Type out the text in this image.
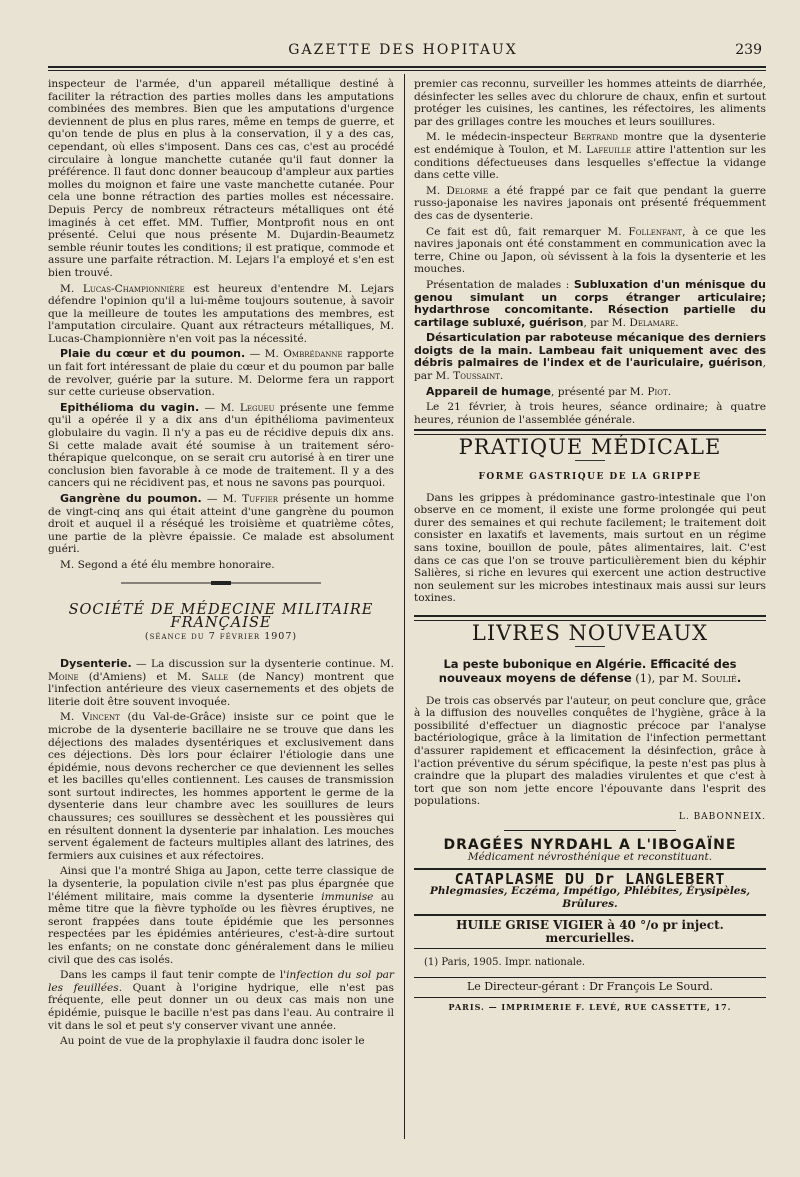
GAZETTE DES HOPITAUX	239

inspecteur de l'armée, d'un appareil métallique destiné à faciliter la rétraction des parties molles dans les amputations combinées des membres. Bien que les amputations d'urgence deviennent de plus en plus rares, même en temps de guerre, et qu'on tende de plus en plus à la conservation, il y a des cas, cependant, où elles s'imposent. Dans ces cas, c'est au procédé circulaire à longue manchette cutanée qu'il faut donner la préférence. Il faut donc donner beaucoup d'ampleur aux parties molles du moignon et faire une vaste manchette cutanée. Pour cela une bonne rétraction des parties molles est nécessaire. Depuis Percy de nombreux rétracteurs métalliques ont été imaginés à cet effet. MM. Tuffier, Montprofit nous en ont présenté. Celui que nous présente M. Dujardin-Beaumetz semble réunir toutes les conditions; il est pratique, commode et assure une parfaite rétraction. M. Lejars l'a employé et s'en est bien trouvé.

M. Lucas-Championnière est heureux d'entendre M. Lejars défendre l'opinion qu'il a lui-même toujours soutenue, à savoir que la meilleure de toutes les amputations des membres, est l'amputation circulaire. Quant aux rétracteurs métalliques, M. Lucas-Championnière n'en voit pas la nécessité.

Plaie du cœur et du poumon. — M. Ombrédanne rapporte un fait fort intéressant de plaie du cœur et du poumon par balle de revolver, guérie par la suture. M. Delorme fera un rapport sur cette curieuse observation.

Epithélioma du vagin. — M. Legueu présente une femme qu'il a opérée il y a dix ans d'un épithélioma pavimenteux globulaire du vagin. Il n'y a pas eu de récidive depuis dix ans. Si cette malade avait été soumise à un traitement séro-thérapique quelconque, on se serait cru autorisé à en tirer une conclusion bien favorable à ce mode de traitement. Il y a des cancers qui ne récidivent pas, et nous ne savons pas pourquoi.

Gangrène du poumon. — M. Tuffier présente un homme de vingt-cinq ans qui était atteint d'une gangrène du poumon droit et auquel il a réséqué les troisième et quatrième côtes, une partie de la plèvre épaissie. Ce malade est absolument guéri.

M. Segond a été élu membre honoraire.

SOCIÉTÉ DE MÉDECINE MILITAIRE FRANÇAISE
(séance du 7 février 1907)

Dysenterie. — La discussion sur la dysenterie continue. M. Moine (d'Amiens) et M. Salle (de Nancy) montrent que l'infection antérieure des vieux casernements et des objets de literie doit être souvent invoquée.

M. Vincent (du Val-de-Grâce) insiste sur ce point que le microbe de la dysenterie bacillaire ne se trouve que dans les déjections des malades dysentériques et exclusivement dans ces déjections. Dès lors pour éclairer l'étiologie dans une épidémie, nous devons rechercher ce que deviennent les selles et les bacilles qu'elles contiennent. Les causes de transmission sont surtout indirectes, les hommes apportent le germe de la dysenterie dans leur chambre avec les souillures de leurs chaussures; ces souillures se dessèchent et les poussières qui en résultent donnent la dysenterie par inhalation. Les mouches servent également de facteurs multiples allant des latrines, des fermiers aux cuisines et aux réfectoires.

Ainsi que l'a montré Shiga au Japon, cette terre classique de la dysenterie, la population civile n'est pas plus épargnée que l'élément militaire, mais comme la dysenterie immunise au même titre que la fièvre typhoïde ou les fièvres éruptives, ne seront frappées dans toute épidémie que les personnes respectées par les épidémies antérieures, c'est-à-dire surtout les enfants; on ne constate donc généralement dans le milieu civil que des cas isolés.

Dans les camps il faut tenir compte de l'infection du sol par les feuillées. Quant à l'origine hydrique, elle n'est pas fréquente, elle peut donner un ou deux cas mais non une épidémie, puisque le bacille n'est pas dans l'eau. Au contraire il vit dans le sol et peut s'y conserver vivant une année.

Au point de vue de la prophylaxie il faudra donc isoler le

premier cas reconnu, surveiller les hommes atteints de diarrhée, désinfecter les selles avec du chlorure de chaux, enfin et surtout protéger les cuisines, les cantines, les réfectoires, les aliments par des grillages contre les mouches et leurs souillures.

M. le médecin-inspecteur Bertrand montre que la dysenterie est endémique à Toulon, et M. Lafeuille attire l'attention sur les conditions défectueuses dans lesquelles s'effectue la vidange dans cette ville.

M. Delorme a été frappé par ce fait que pendant la guerre russo-japonaise les navires japonais ont présenté fréquemment des cas de dysenterie.

Ce fait est dû, fait remarquer M. Follenfant, à ce que les navires japonais ont été constamment en communication avec la terre, Chine ou Japon, où sévissent à la fois la dysenterie et les mouches.

Présentation de malades : Subluxation d'un ménisque du genou simulant un corps étranger articulaire; hydarthrose concomitante. Résection partielle du cartilage subluxé, guérison, par M. Delamare.

Désarticulation par raboteuse mécanique des derniers doigts de la main. Lambeau fait uniquement avec des débris palmaires de l'index et de l'auriculaire, guérison, par M. Toussaint.

Appareil de humage, présenté par M. Piot.

Le 21 février, à trois heures, séance ordinaire; à quatre heures, réunion de l'assemblée générale.

PRATIQUE MÉDICALE
FORME GASTRIQUE DE LA GRIPPE

Dans les grippes à prédominance gastro-intestinale que l'on observe en ce moment, il existe une forme prolongée qui peut durer des semaines et qui rechute facilement; le traitement doit consister en laxatifs et lavements, mais surtout en un régime sans toxine, bouillon de poule, pâtes alimentaires, lait. C'est dans ce cas que l'on se trouve particulièrement bien du képhir Salières, si riche en levures qui exercent une action destructive non seulement sur les microbes intestinaux mais aussi sur leurs toxines.

LIVRES NOUVEAUX
La peste bubonique en Algérie. Efficacité des nouveaux moyens de défense (1), par M. Soulié.

De trois cas observés par l'auteur, on peut conclure que, grâce à la diffusion des nouvelles conquêtes de l'hygiène, grâce à la possibilité d'effectuer un diagnostic précoce par l'analyse bactériologique, grâce à la limitation de l'infection permettant d'assurer rapidement et efficacement la désinfection, grâce à l'action préventive du sérum spécifique, la peste n'est pas plus à craindre que la plupart des maladies virulentes et que c'est à tort que son nom jette encore l'épouvante dans l'esprit des populations.

L. BABONNEIX.
DRAGÉES NYRDAHL A L'IBOGAÏNE
Médicament névrosthénique et reconstituant.
CATAPLASME DU Dr LANGLEBERT
Phlegmasies, Eczéma, Impétigo, Phlébites, Érysipèles, Brûlures.
HUILE GRISE VIGIER à 40 °/o pr inject. mercurielles.
(1) Paris, 1905. Impr. nationale.
Le Directeur-gérant : Dr François Le Sourd.
PARIS. — IMPRIMERIE F. LEVÉ, RUE CASSETTE, 17.
